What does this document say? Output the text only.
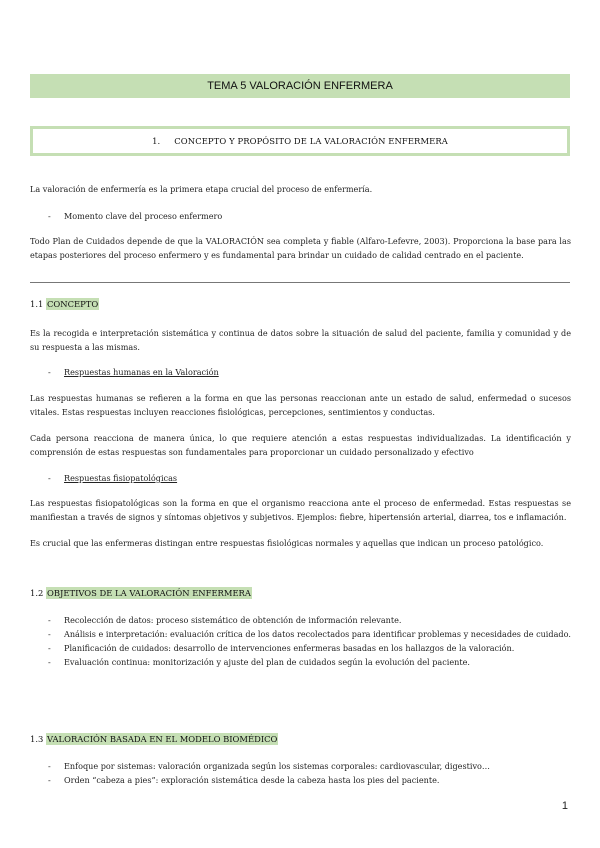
TEMA 5 VALORACIÓN ENFERMERA
1. CONCEPTO Y PROPÓSITO DE LA VALORACIÓN ENFERMERA

La valoración de enfermería es la primera etapa crucial del proceso de enfermería.

- Momento clave del proceso enfermero

Todo Plan de Cuidados depende de que la VALORACIÓN sea completa y fiable (Alfaro-Lefevre, 2003). Proporciona la base para las etapas posteriores del proceso enfermero y es fundamental para brindar un cuidado de calidad centrado en el paciente.

1.1 CONCEPTO

Es la recogida e interpretación sistemática y continua de datos sobre la situación de salud del paciente, familia y comunidad y de su respuesta a las mismas.

- Respuestas humanas en la Valoración

Las respuestas humanas se refieren a la forma en que las personas reaccionan ante un estado de salud, enfermedad o sucesos vitales. Estas respuestas incluyen reacciones fisiológicas, percepciones, sentimientos y conductas.

Cada persona reacciona de manera única, lo que requiere atención a estas respuestas individualizadas. La identificación y comprensión de estas respuestas son fundamentales para proporcionar un cuidado personalizado y efectivo

- Respuestas fisiopatológicas

Las respuestas fisiopatológicas son la forma en que el organismo reacciona ante el proceso de enfermedad. Estas respuestas se manifiestan a través de signos y síntomas objetivos y subjetivos. Ejemplos: fiebre, hipertensión arterial, diarrea, tos e inflamación.

Es crucial que las enfermeras distingan entre respuestas fisiológicas normales y aquellas que indican un proceso patológico.

1.2 OBJETIVOS DE LA VALORACIÓN ENFERMERA
- Recolección de datos: proceso sistemático de obtención de información relevante.
- Análisis e interpretación: evaluación crítica de los datos recolectados para identificar problemas y necesidades de cuidado.
- Planificación de cuidados: desarrollo de intervenciones enfermeras basadas en los hallazgos de la valoración.
- Evaluación continua: monitorización y ajuste del plan de cuidados según la evolución del paciente.
1.3 VALORACIÓN BASADA EN EL MODELO BIOMÉDICO
- Enfoque por sistemas: valoración organizada según los sistemas corporales: cardiovascular, digestivo…
- Orden “cabeza a pies”: exploración sistemática desde la cabeza hasta los pies del paciente.
1
